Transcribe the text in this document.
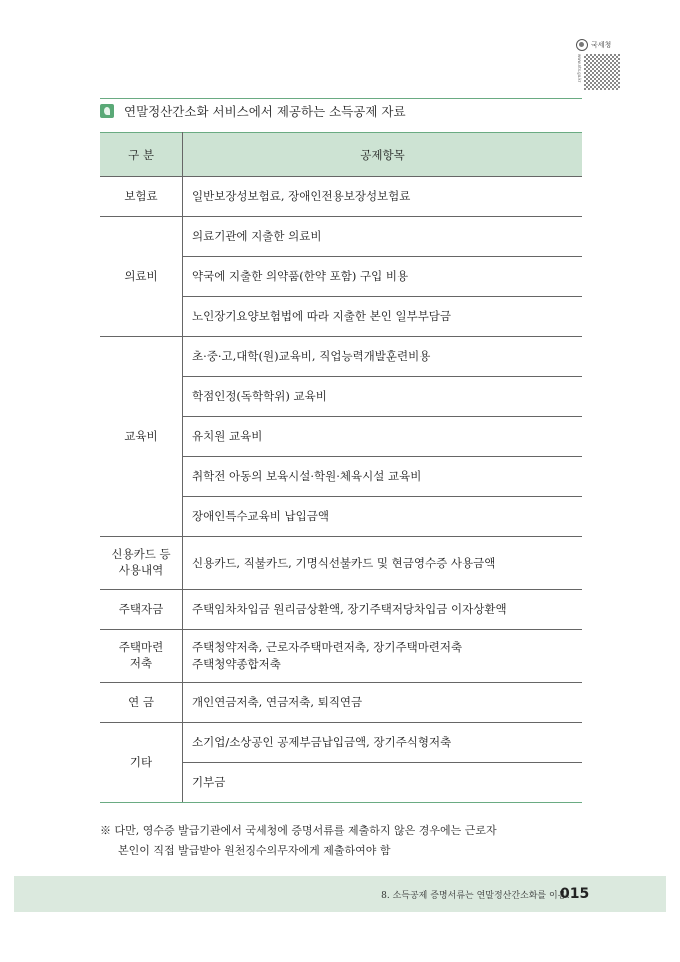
국세청
www.nts.go.kr
연말정산간소화 서비스에서 제공하는 소득공제 자료
구 분	공제항목

보험료	일반보장성보험료, 장애인전용보장성보험료

의료비	의료기관에 지출한 의료비
	약국에 지출한 의약품(한약 포함) 구입 비용
	노인장기요양보험법에 따라 지출한 본인 일부부담금

교육비	초·중·고,대학(원)교육비, 직업능력개발훈련비용
	학점인정(독학학위) 교육비
	유치원 교육비
	취학전 아동의 보육시설·학원·체육시설 교육비
	장애인특수교육비 납입금액

신용카드 등
사용내역	신용카드, 직불카드, 기명식선불카드 및 현금영수증 사용금액

주택자금	주택임차차입금 원리금상환액, 장기주택저당차입금 이자상환액

주택마련
저축	주택청약저축, 근로자주택마련저축, 장기주택마련저축
주택청약종합저축

연 금	개인연금저축, 연금저축, 퇴직연금

기타	소기업/소상공인 공제부금납입금액, 장기주식형저축
	기부금
※ 다만, 영수증 발급기관에서 국세청에 증명서류를 제출하지 않은 경우에는 근로자
본인이 직접 발급받아 원천징수의무자에게 제출하여야 함
8. 소득공제 증명서류는 연말정산간소화를 이용!
015
